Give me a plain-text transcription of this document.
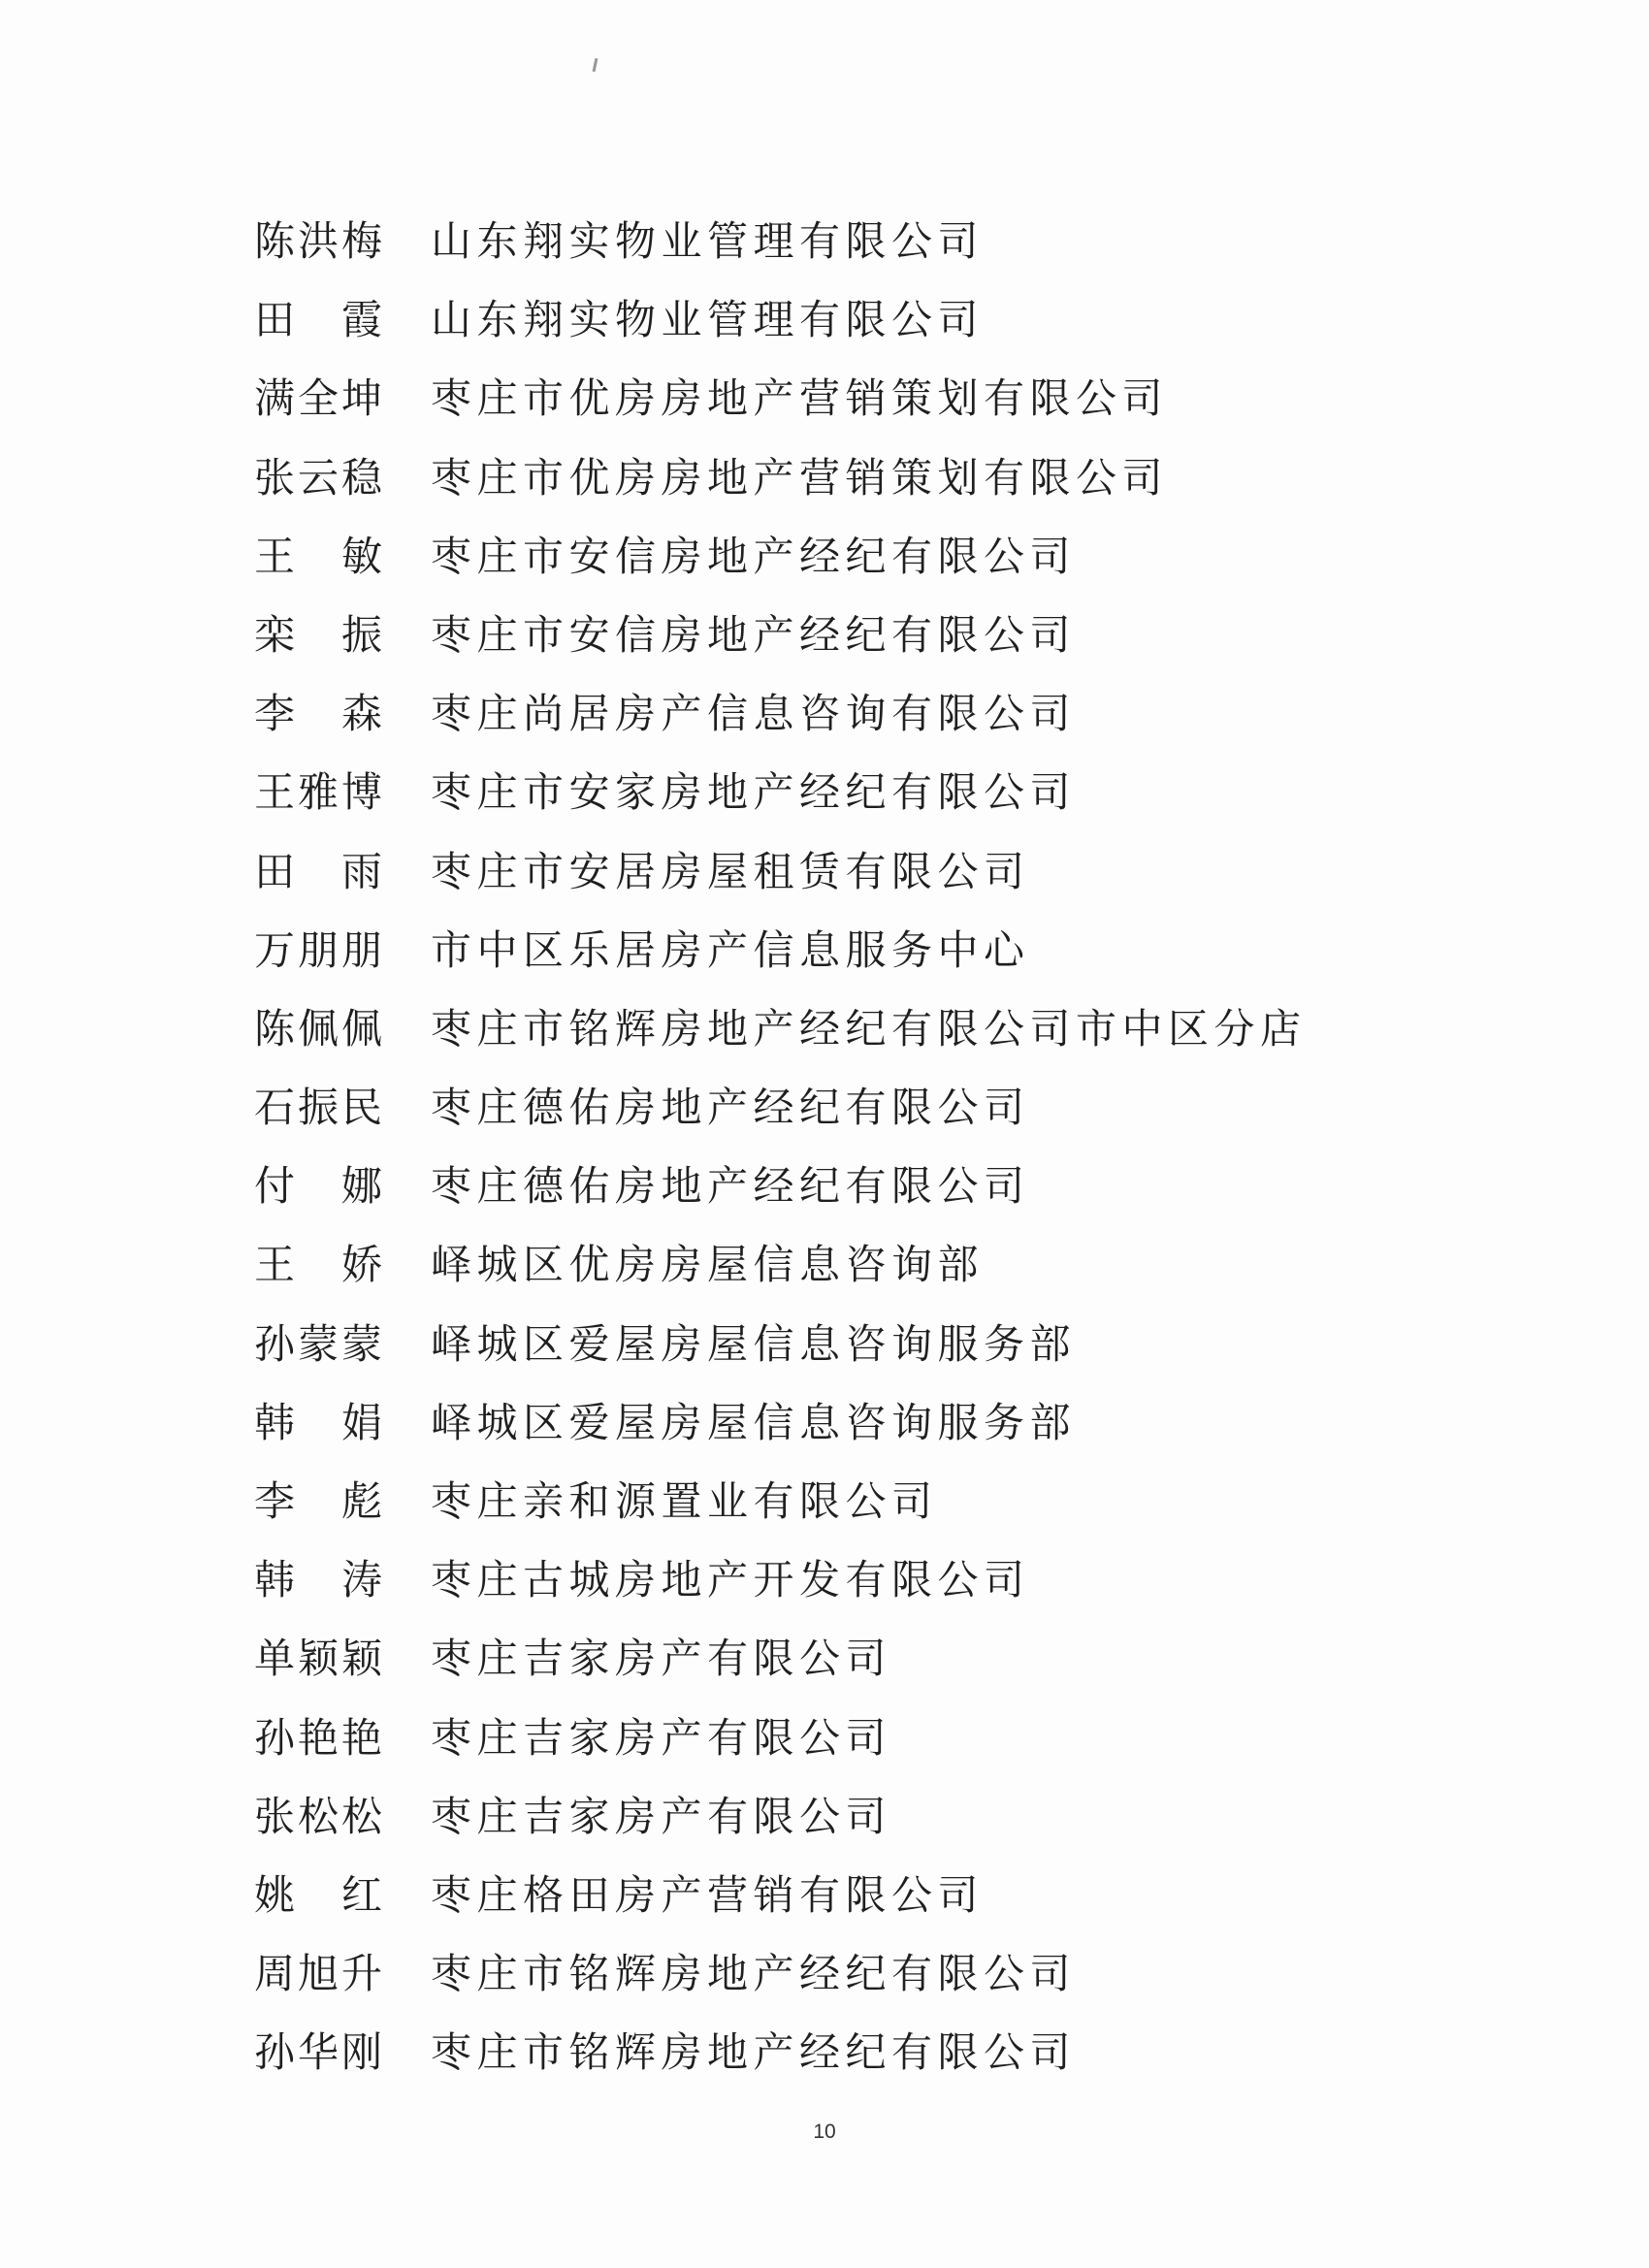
陈洪梅 山东翔实物业管理有限公司
田　霞 山东翔实物业管理有限公司
满全坤 枣庄市优房房地产营销策划有限公司
张云稳 枣庄市优房房地产营销策划有限公司
王　敏 枣庄市安信房地产经纪有限公司
栾　振 枣庄市安信房地产经纪有限公司
李　森 枣庄尚居房产信息咨询有限公司
王雅博 枣庄市安家房地产经纪有限公司
田　雨 枣庄市安居房屋租赁有限公司
万朋朋 市中区乐居房产信息服务中心
陈佩佩 枣庄市铭辉房地产经纪有限公司市中区分店
石振民 枣庄德佑房地产经纪有限公司
付　娜 枣庄德佑房地产经纪有限公司
王　娇 峄城区优房房屋信息咨询部
孙蒙蒙 峄城区爱屋房屋信息咨询服务部
韩　娟 峄城区爱屋房屋信息咨询服务部
李　彪 枣庄亲和源置业有限公司
韩　涛 枣庄古城房地产开发有限公司
单颖颖 枣庄吉家房产有限公司
孙艳艳 枣庄吉家房产有限公司
张松松 枣庄吉家房产有限公司
姚　红 枣庄格田房产营销有限公司
周旭升 枣庄市铭辉房地产经纪有限公司
孙华刚 枣庄市铭辉房地产经纪有限公司
10
